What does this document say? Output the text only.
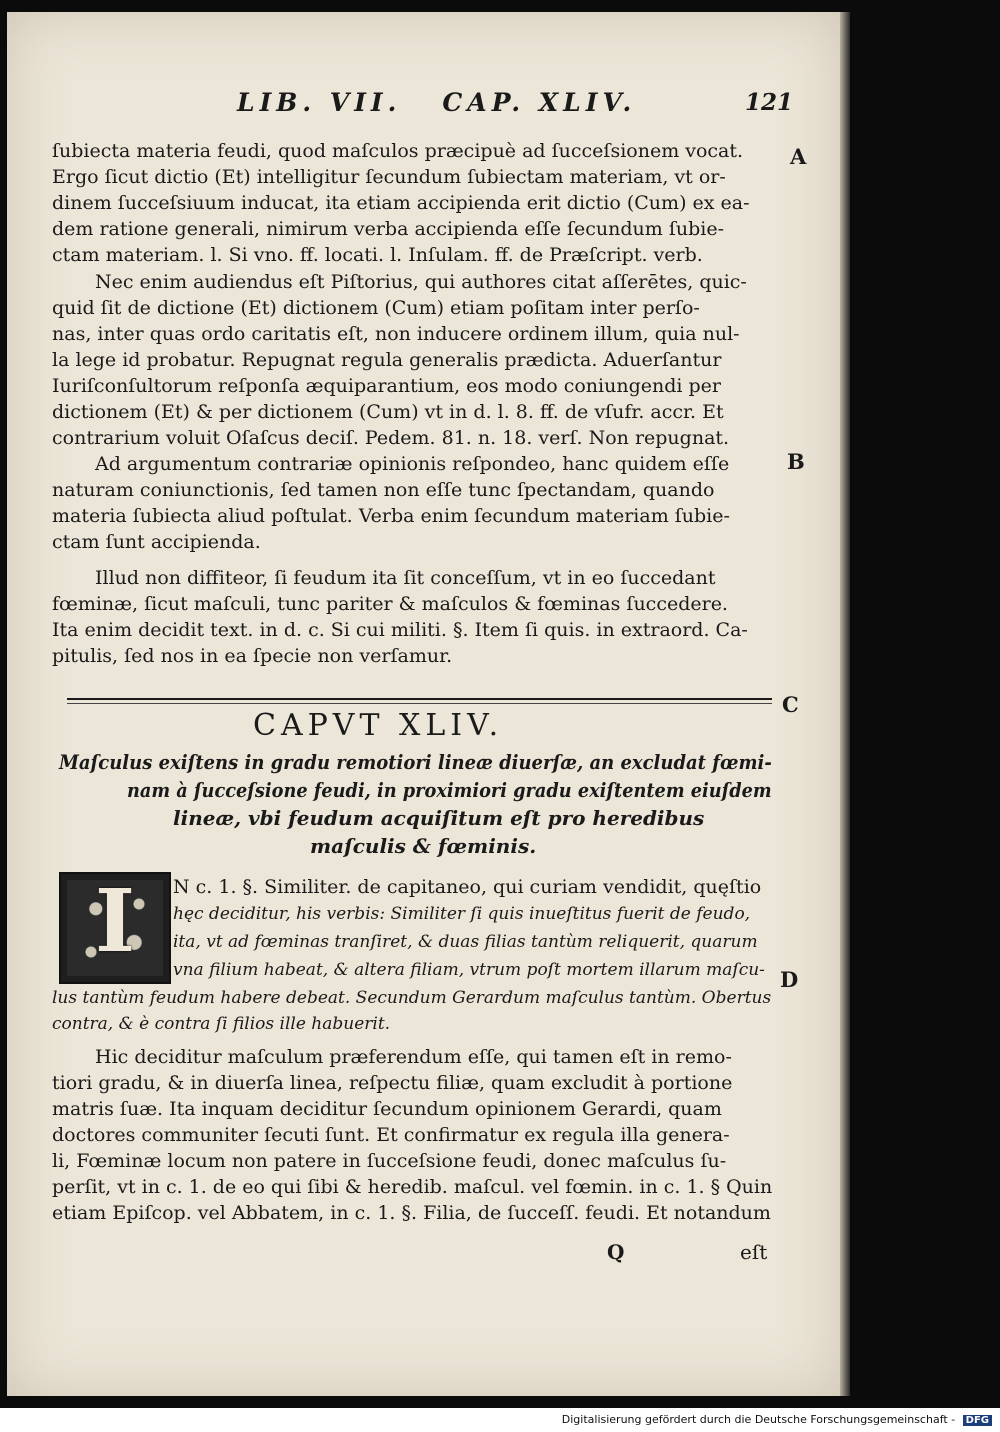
LIB. VII.   CAP. XLIV.	121
A
B
C
D
ſubiecta materia feudi, quod maſculos præcipuè ad ſucceſsionem vocat.
Ergo ſicut dictio (Et) intelligitur ſecundum ſubiectam materiam, vt or-
dinem ſucceſsiuum inducat, ita etiam accipienda erit dictio (Cum) ex ea-
dem ratione generali, nimirum verba accipienda eſſe ſecundum ſubie-
ctam materiam. l. Si vno. ff. locati. l. Inſulam. ff. de Præſcript. verb.
Nec enim audiendus eſt Piſtorius, qui authores citat aſſerētes, quic-
quid ſit de dictione (Et) dictionem (Cum) etiam poſitam inter perſo-
nas, inter quas ordo caritatis eſt, non inducere ordinem illum, quia nul-
la lege id probatur. Repugnat regula generalis prædicta. Aduerſantur
Iuriſconſultorum reſponſa æquiparantium, eos modo coniungendi per
dictionem (Et) & per dictionem (Cum) vt in d. l. 8. ff. de vſufr. accr. Et
contrarium voluit Oſaſcus deciſ. Pedem. 81. n. 18. verſ. Non repugnat.
Ad argumentum contrariæ opinionis reſpondeo, hanc quidem eſſe
naturam coniunctionis, ſed tamen non eſſe tunc ſpectandam, quando
materia ſubiecta aliud poſtulat. Verba enim ſecundum materiam ſubie-
ctam ſunt accipienda.
Illud non diffiteor, ſi feudum ita ſit conceſſum, vt in eo ſuccedant
fœminæ, ſicut maſculi, tunc pariter & maſculos & fœminas ſuccedere.
Ita enim decidit text. in d. c. Si cui militi. §. Item ſi quis. in extraord. Ca-
pitulis, ſed nos in ea ſpecie non verſamur.
CAPVT XLIV.
Maſculus exiſtens in gradu remotiori lineæ diuerſæ, an excludat fœmi-
nam à ſucceſsione feudi, in proximiori gradu exiſtentem eiuſdem
lineæ, vbi feudum acquiſitum eſt pro heredibus
maſculis & fœminis.
I	N c. 1. §. Similiter. de capitaneo, qui curiam vendidit, quęſtio
hęc deciditur, his verbis: Similiter ſi quis inueſtitus fuerit de feudo,
ita, vt ad fœminas tranſiret, & duas filias tantùm reliquerit, quarum
vna filium habeat, & altera filiam, vtrum poſt mortem illarum maſcu-
lus tantùm feudum habere debeat. Secundum Gerardum maſculus tantùm. Obertus
contra, & è contra ſi filios ille habuerit.
Hic deciditur maſculum præferendum eſſe, qui tamen eſt in remo-
tiori gradu, & in diuerſa linea, reſpectu filiæ, quam excludit à portione
matris ſuæ. Ita inquam deciditur ſecundum opinionem Gerardi, quam
doctores communiter ſecuti ſunt. Et confirmatur ex regula illa genera-
li, Fœminæ locum non patere in ſucceſsione feudi, donec maſculus ſu-
perſit, vt in c. 1. de eo qui ſibi & heredib. maſcul. vel fœmin. in c. 1. § Quin
etiam Epiſcop. vel Abbatem, in c. 1. §. Filia, de ſucceſſ. feudi. Et notandum
Q	eſt
Digitalisierung gefördert durch die Deutsche Forschungsgemeinschaft - DFG
